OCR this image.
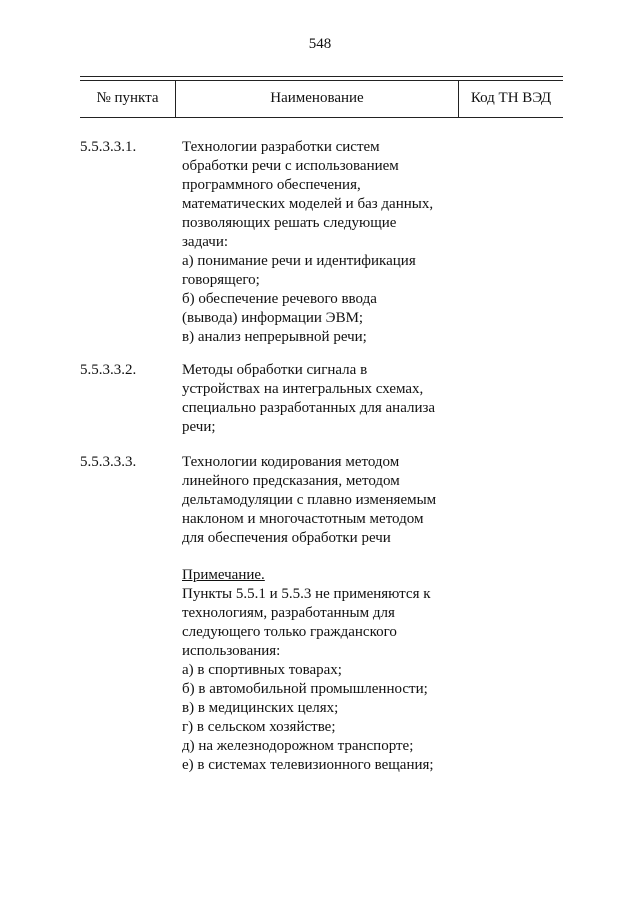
548
№ пункта	Наименование	Код ТН ВЭД
5.5.3.3.1.	Технологии разработки систем
обработки речи с использованием
программного обеспечения,
математических моделей и баз данных,
позволяющих решать следующие
задачи:
а) понимание речи и идентификация
говорящего;
б) обеспечение речевого ввода
(вывода) информации ЭВМ;
в) анализ непрерывной речи;
5.5.3.3.2.	Методы обработки сигнала в
устройствах на интегральных схемах,
специально разработанных для анализа
речи;
5.5.3.3.3.	Технологии кодирования методом
линейного предсказания, методом
дельтамодуляции с плавно изменяемым
наклоном и многочастотным методом
для обеспечения обработки речи
Примечание.
Пункты 5.5.1 и 5.5.3 не применяются к
технологиям, разработанным для
следующего только гражданского
использования:
а) в спортивных товарах;
б) в автомобильной промышленности;
в) в медицинских целях;
г) в сельском хозяйстве;
д) на железнодорожном транспорте;
е) в системах телевизионного вещания;
